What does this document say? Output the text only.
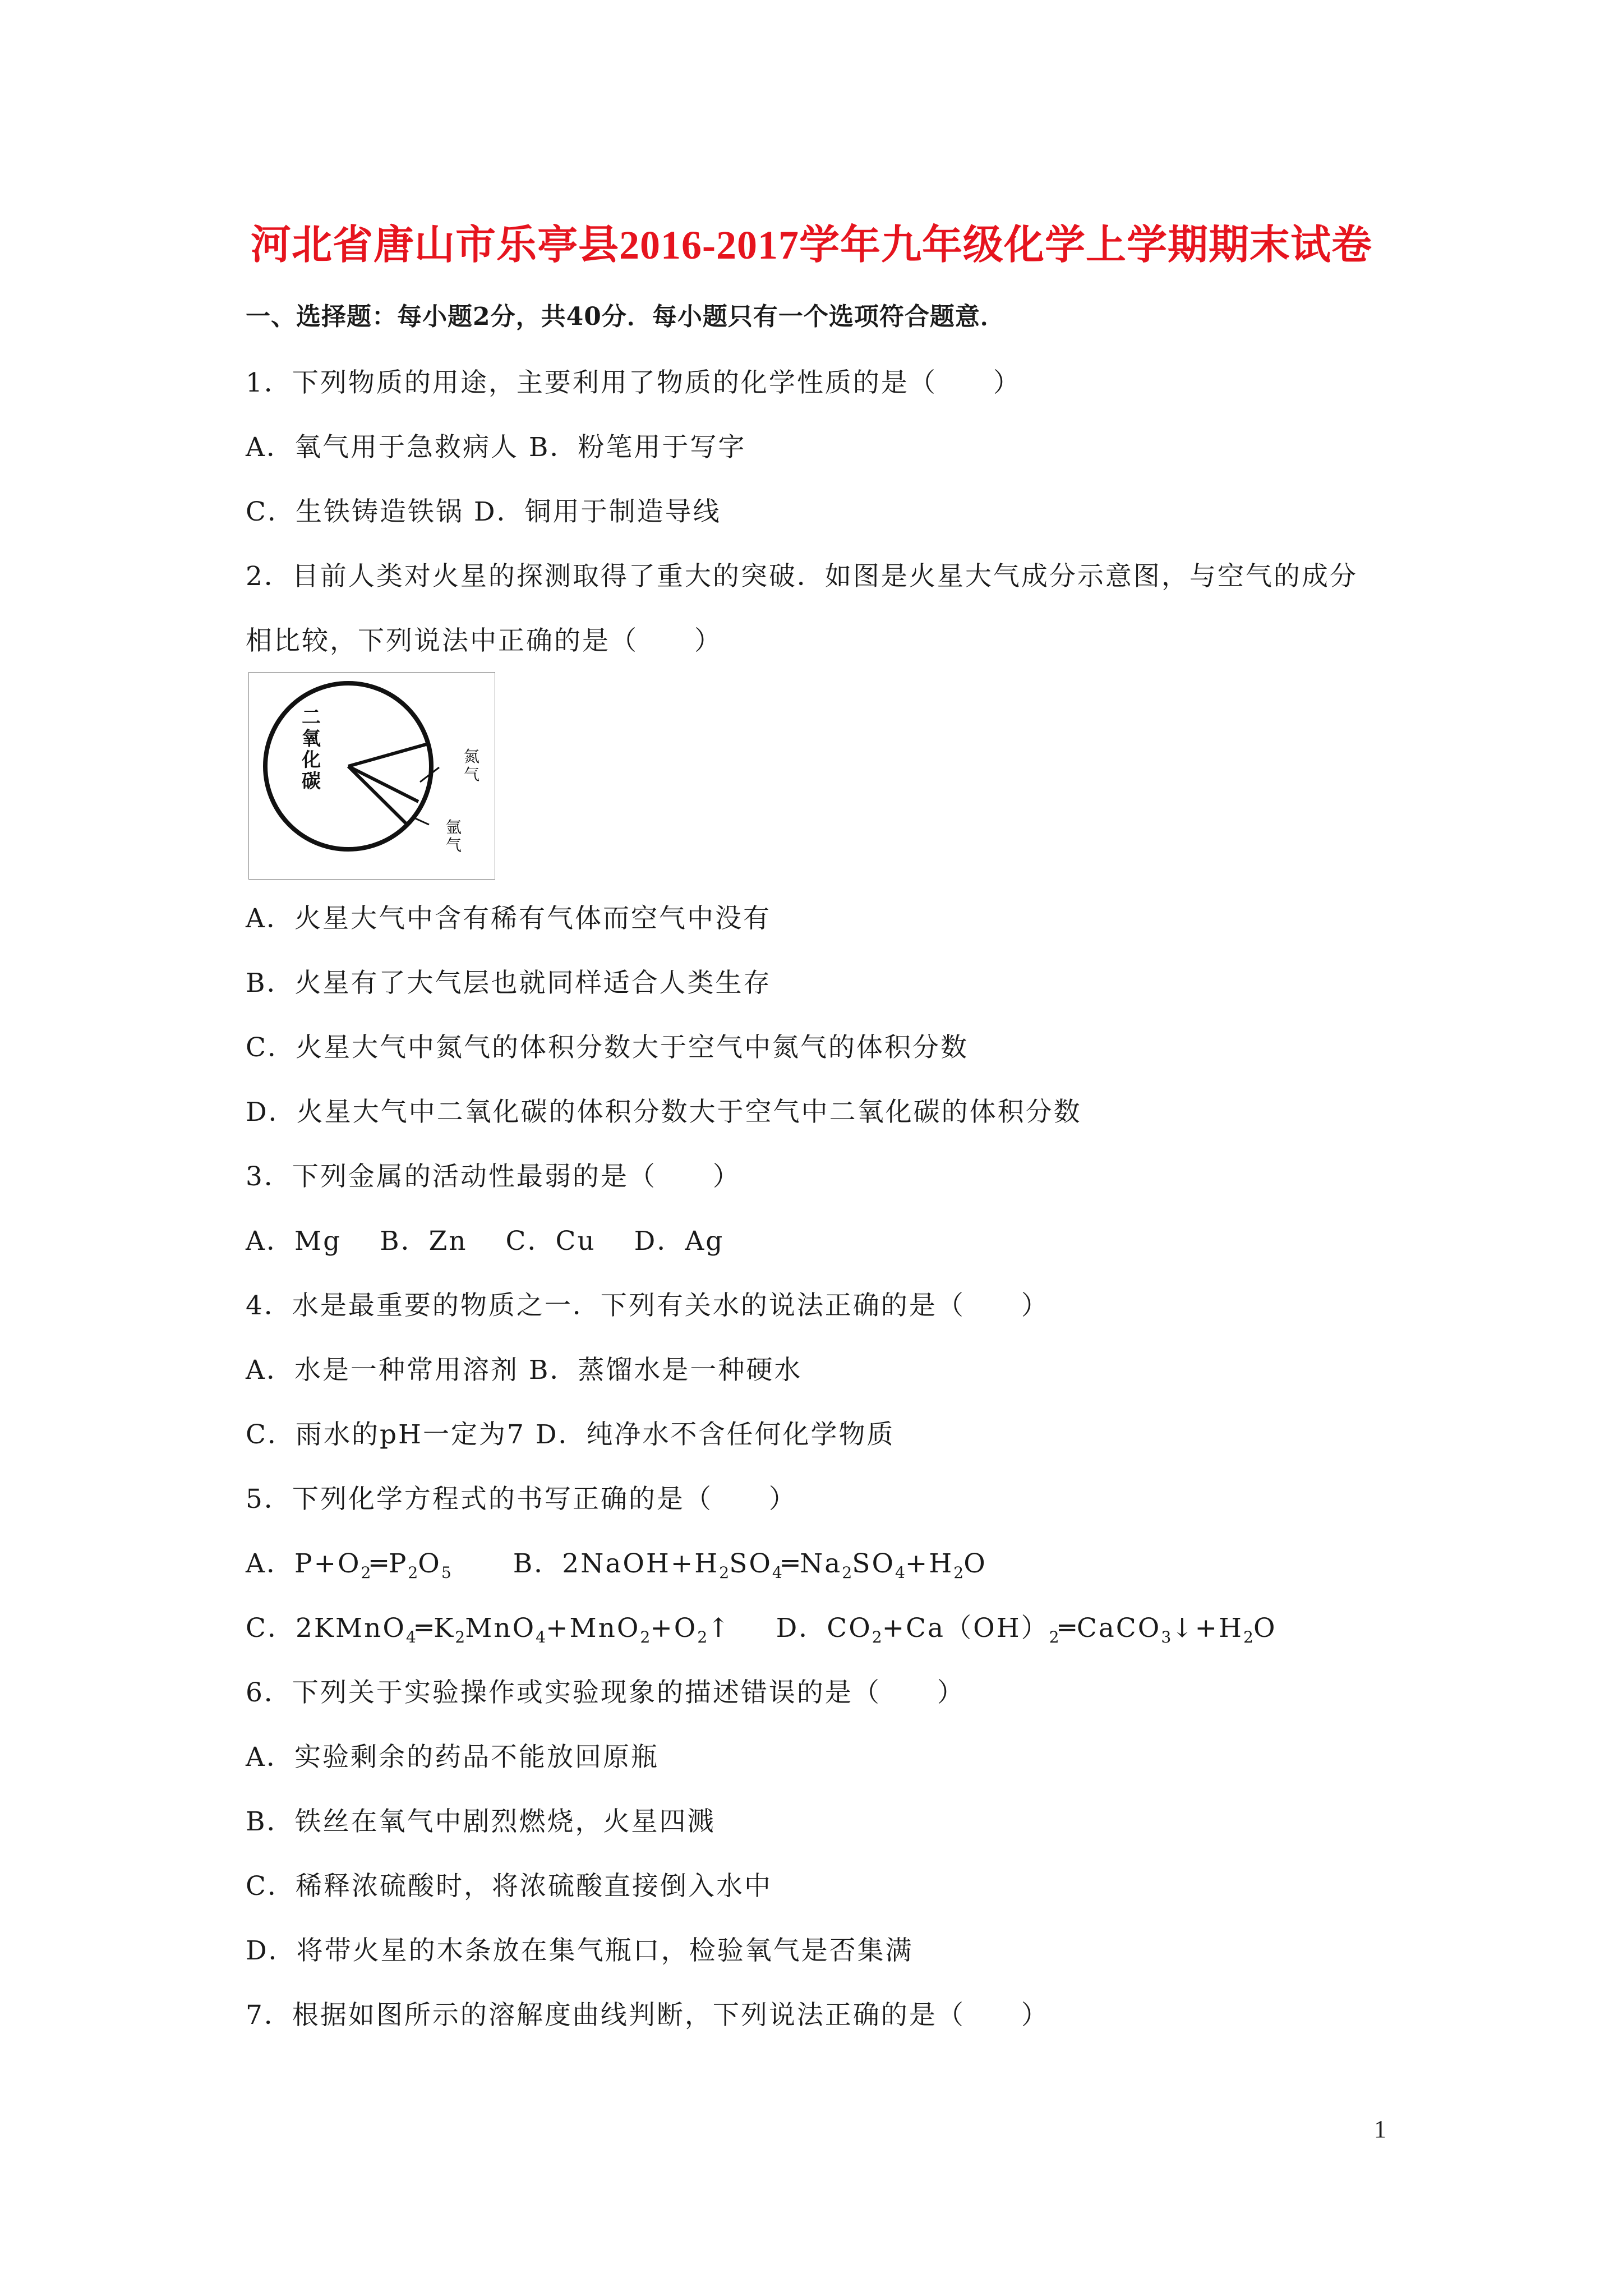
河北省唐山市乐亭县2016-2017学年九年级化学上学期期末试卷
一、选择题：每小题2分，共40分．每小题只有一个选项符合题意．
1．下列物质的用途，主要利用了物质的化学性质的是（　　）
A．氧气用于急救病人 B．粉笔用于写字
C．生铁铸造铁锅 D．铜用于制造导线
2．目前人类对火星的探测取得了重大的突破．如图是火星大气成分示意图，与空气的成分
相比较，下列说法中正确的是（　　）
二
氧
化
碳
氮
气
氩
气
A．火星大气中含有稀有气体而空气中没有
B．火星有了大气层也就同样适合人类生存
C．火星大气中氮气的体积分数大于空气中氮气的体积分数
D．火星大气中二氧化碳的体积分数大于空气中二氧化碳的体积分数
3．下列金属的活动性最弱的是（　　）
A．Mg　 B．Zn　 C．Cu　 D．Ag
4．水是最重要的物质之一．下列有关水的说法正确的是（　　）
A．水是一种常用溶剂 B．蒸馏水是一种硬水
C．雨水的pH一定为7 D．纯净水不含任何化学物质
5．下列化学方程式的书写正确的是（　　）
A．$P+O_2═P_2O_5$ B．$2NaOH+H_2SO_4═Na_2SO_4+H_2O$
C．$2KMnO_4═K_2MnO_4+MnO_2+O_2↑$ D．$CO_2+Ca(OH)_2═CaCO_3↓+H_2O$
6．下列关于实验操作或实验现象的描述错误的是（　　）
A．实验剩余的药品不能放回原瓶
B．铁丝在氧气中剧烈燃烧，火星四溅
C．稀释浓硫酸时，将浓硫酸直接倒入水中
D．将带火星的木条放在集气瓶口，检验氧气是否集满
7．根据如图所示的溶解度曲线判断，下列说法正确的是（　　）
1
